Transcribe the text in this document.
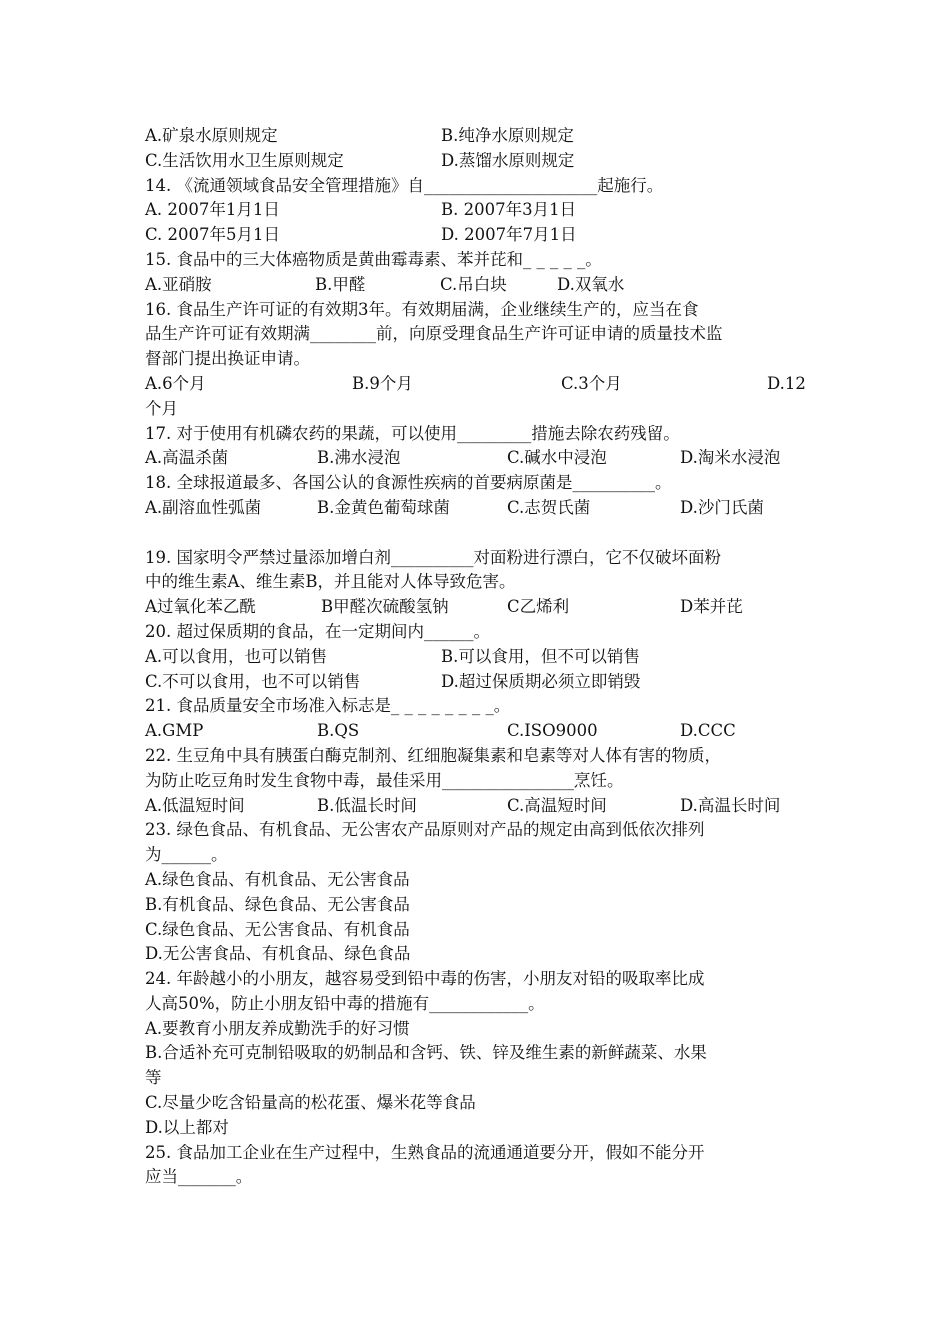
A.矿泉水原则规定	B.纯净水原则规定
C.生活饮用水卫生原则规定	D.蒸馏水原则规定
14. 《流通领域食品安全管理措施》自_____________________起施行。
A. 2007年1月1日	B. 2007年3月1日
C. 2007年5月1日	D. 2007年7月1日
15. 食品中的三大体癌物质是黄曲霉毒素、苯并芘和_ _ _ _ _。
A.亚硝胺	B.甲醛	C.吊白块	D.双氧水
16. 食品生产许可证的有效期3年。有效期届满，企业继续生产的，应当在食
品生产许可证有效期满________前，向原受理食品生产许可证申请的质量技术监
督部门提出换证申请。
A.6个月	B.9个月	C.3个月	D.12
个月
17. 对于使用有机磷农药的果蔬，可以使用_________措施去除农药残留。
A.高温杀菌	B.沸水浸泡	C.碱水中浸泡	D.淘米水浸泡
18. 全球报道最多、各国公认的食源性疾病的首要病原菌是__________。
A.副溶血性弧菌	B.金黄色葡萄球菌	C.志贺氏菌	D.沙门氏菌
19. 国家明令严禁过量添加增白剂__________对面粉进行漂白，它不仅破坏面粉
中的维生素A、维生素B，并且能对人体导致危害。
A过氧化苯乙酰	B甲醛次硫酸氢钠	C乙烯利	D苯并芘
20. 超过保质期的食品，在一定期间内______。
A.可以食用，也可以销售	B.可以食用，但不可以销售
C.不可以食用，也不可以销售	D.超过保质期必须立即销毁
21. 食品质量安全市场准入标志是_ _ _ _ _ _ _ _。
A.GMP	B.QS	C.ISO9000	D.CCC
22. 生豆角中具有胰蛋白酶克制剂、红细胞凝集素和皂素等对人体有害的物质，
为防止吃豆角时发生食物中毒，最佳采用________________烹饪。
A.低温短时间	B.低温长时间	C.高温短时间	D.高温长时间
23. 绿色食品、有机食品、无公害农产品原则对产品的规定由高到低依次排列
为______。
A.绿色食品、有机食品、无公害食品
B.有机食品、绿色食品、无公害食品
C.绿色食品、无公害食品、有机食品
D.无公害食品、有机食品、绿色食品
24. 年龄越小的小朋友，越容易受到铅中毒的伤害，小朋友对铅的吸取率比成
人高50%，防止小朋友铅中毒的措施有____________。
A.要教育小朋友养成勤洗手的好习惯
B.合适补充可克制铅吸取的奶制品和含钙、铁、锌及维生素的新鲜蔬菜、水果
等
C.尽量少吃含铅量高的松花蛋、爆米花等食品
D.以上都对
25. 食品加工企业在生产过程中，生熟食品的流通通道要分开，假如不能分开
应当_______。
